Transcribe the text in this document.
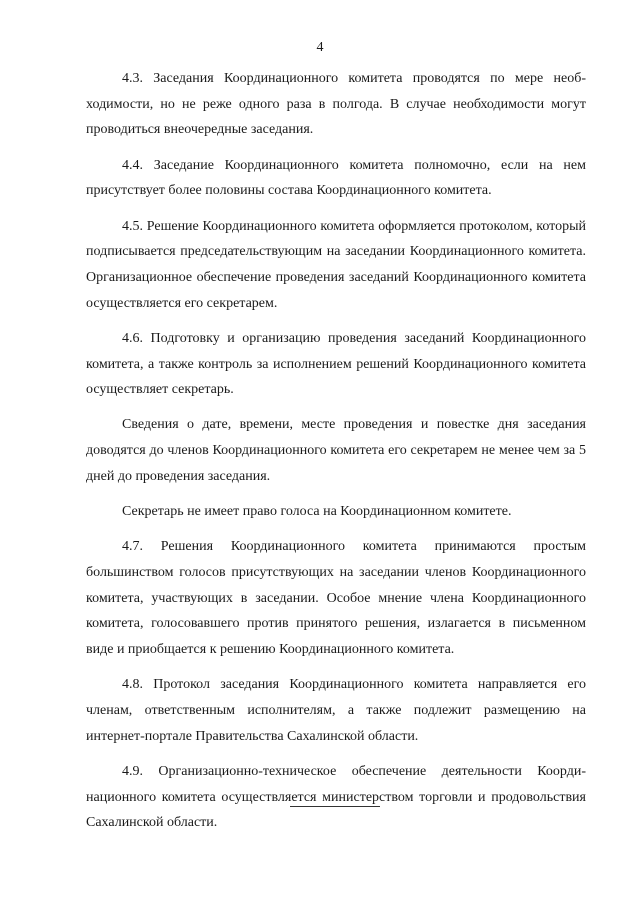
4

4.3. Заседания Координационного комитета проводятся по мере необходимости, но не реже одного раза в полгода. В случае необходимости могут проводиться внеочередные заседания.

4.4. Заседание Координационного комитета полномочно, если на нем присутствует более половины состава Координационного комитета.

4.5. Решение Координационного комитета оформляется протоколом, который подписывается председательствующим на заседании Координационного комитета. Организационное обеспечение проведения заседаний Координационного комитета осуществляется его секретарем.

4.6. Подготовку и организацию проведения заседаний Координационного комитета, а также контроль за исполнением решений Координационного комитета осуществляет секретарь.

Сведения о дате, времени, месте проведения и повестке дня заседания доводятся до членов Координационного комитета его секретарем не менее чем за 5 дней до проведения заседания.

Секретарь не имеет право голоса на Координационном комитете.

4.7. Решения Координационного комитета принимаются простым большинством голосов присутствующих на заседании членов Координационного комитета, участвующих в заседании. Особое мнение члена Координационного комитета, голосовавшего против принятого решения, излагается в письменном виде и приобщается к решению Координационного комитета.

4.8. Протокол заседания Координационного комитета направляется его членам, ответственным исполнителям, а также подлежит размещению на интернет-портале Правительства Сахалинской области.

4.9. Организационно-техническое обеспечение деятельности Координационного комитета осуществляется министерством торговли и продовольствия Сахалинской области.
